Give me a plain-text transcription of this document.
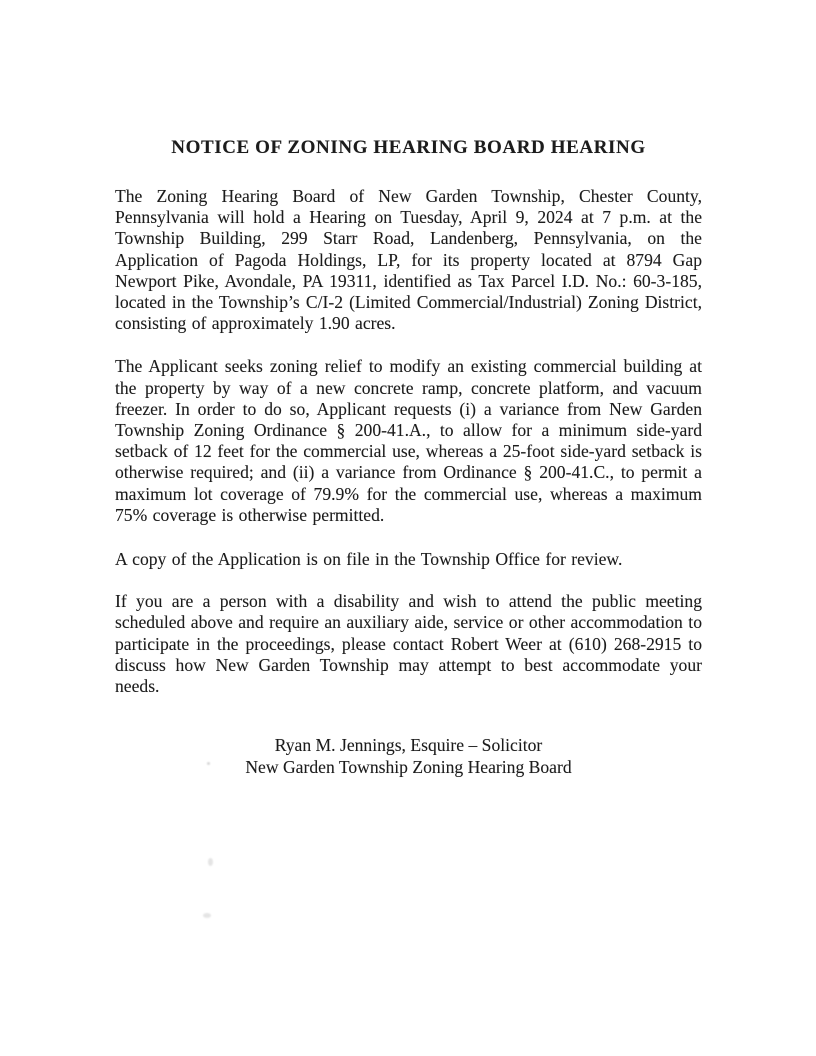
NOTICE OF ZONING HEARING BOARD HEARING

The Zoning Hearing Board of New Garden Township, Chester County, Pennsylvania will hold a Hearing on Tuesday, April 9, 2024 at 7 p.m. at the Township Building, 299 Starr Road, Landenberg, Pennsylvania, on the Application of Pagoda Holdings, LP, for its property located at 8794 Gap Newport Pike, Avondale, PA 19311, identified as Tax Parcel I.D. No.: 60-3-185, located in the Township’s C/I-2 (Limited Commercial/Industrial) Zoning District, consisting of approximately 1.90 acres.

The Applicant seeks zoning relief to modify an existing commercial building at the property by way of a new concrete ramp, concrete platform, and vacuum freezer. In order to do so, Applicant requests (i) a variance from New Garden Township Zoning Ordinance § 200-41.A., to allow for a minimum side-yard setback of 12 feet for the commercial use, whereas a 25-foot side-yard setback is otherwise required; and (ii) a variance from Ordinance § 200-41.C., to permit a maximum lot coverage of 79.9% for the commercial use, whereas a maximum 75% coverage is otherwise permitted.

A copy of the Application is on file in the Township Office for review.

If you are a person with a disability and wish to attend the public meeting scheduled above and require an auxiliary aide, service or other accommodation to participate in the proceedings, please contact Robert Weer at (610) 268-2915 to discuss how New Garden Township may attempt to best accommodate your needs.

Ryan M. Jennings, Esquire – Solicitor
New Garden Township Zoning Hearing Board
